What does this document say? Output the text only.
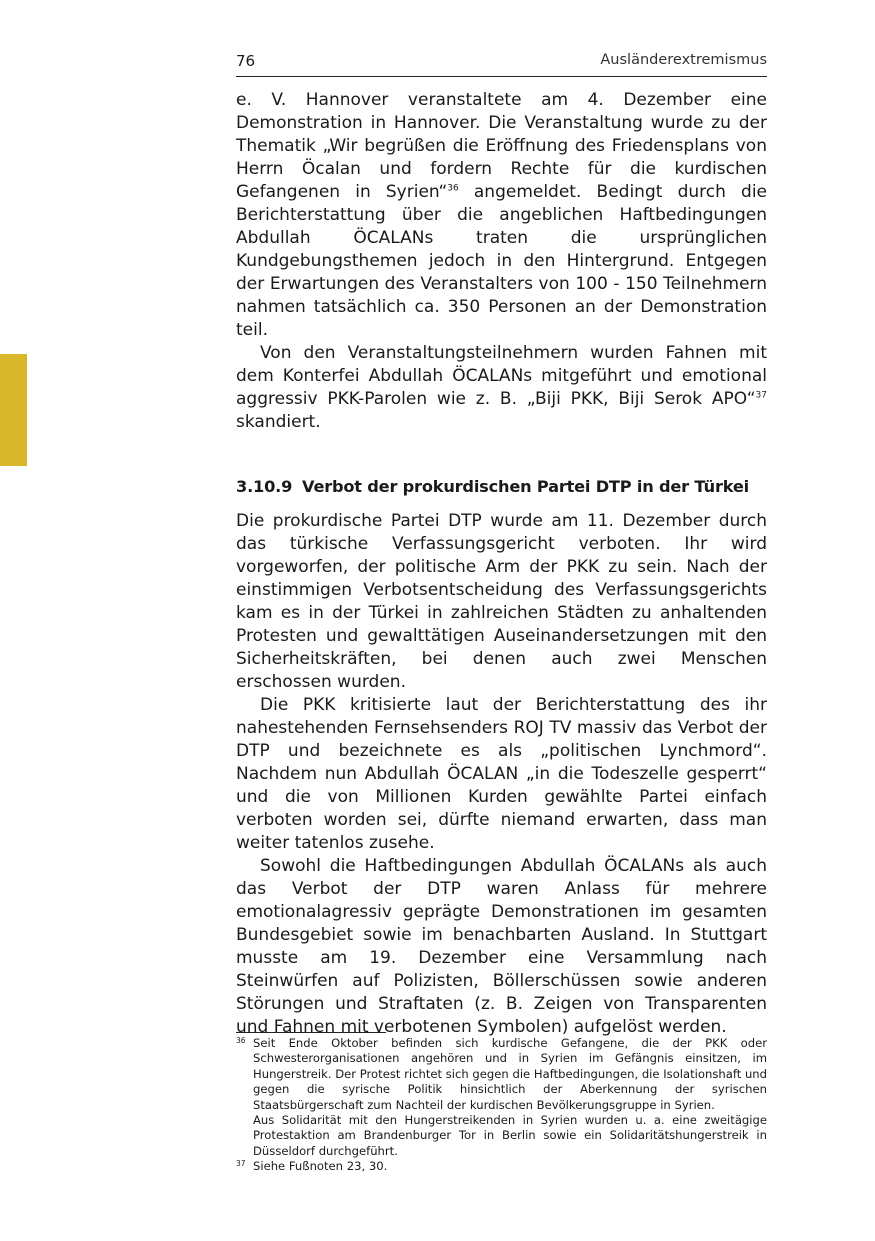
76	Ausländerextremismus

e. V. Hannover veranstaltete am 4. Dezember eine Demonstration in Hannover. Die Veranstaltung wurde zu der Thematik „Wir begrüßen die Eröffnung des Friedensplans von Herrn Öcalan und fordern Rechte für die kurdischen Gefangenen in Syrien“$^{36}$ angemeldet. Bedingt durch die Berichterstattung über die angeblichen Haftbedingungen Abdullah ÖCALANs traten die ursprünglichen Kundgebungsthemen jedoch in den Hintergrund. Entgegen der Erwartungen des Veranstalters von 100 - 150 Teilnehmern nahmen tatsächlich ca. 350 Personen an der Demonstration teil.

Von den Veranstaltungsteilnehmern wurden Fahnen mit dem Konterfei Abdullah ÖCALANs mitgeführt und emotional aggressiv PKK-Parolen wie z. B. „Biji PKK, Biji Serok APO“$^{37}$ skandiert.

3.10.9 Verbot der prokurdischen Partei DTP in der Türkei

Die prokurdische Partei DTP wurde am 11. Dezember durch das türkische Verfassungsgericht verboten. Ihr wird vorgeworfen, der politische Arm der PKK zu sein. Nach der einstimmigen Verbotsentscheidung des Verfassungsgerichts kam es in der Türkei in zahlreichen Städten zu anhaltenden Protesten und gewalttätigen Auseinandersetzungen mit den Sicherheitskräften, bei denen auch zwei Menschen erschossen wurden.

Die PKK kritisierte laut der Berichterstattung des ihr nahestehenden Fernsehsenders ROJ TV massiv das Verbot der DTP und bezeichnete es als „politischen Lynchmord“. Nachdem nun Abdullah ÖCALAN „in die Todeszelle gesperrt“ und die von Millionen Kurden gewählte Partei einfach verboten worden sei, dürfte niemand erwarten, dass man weiter tatenlos zusehe.

Sowohl die Haftbedingungen Abdullah ÖCALANs als auch das Verbot der DTP waren Anlass für mehrere emotionalagressiv geprägte Demonstrationen im gesamten Bundesgebiet sowie im benachbarten Ausland. In Stuttgart musste am 19. Dezember eine Versammlung nach Steinwürfen auf Polizisten, Böllerschüssen sowie anderen Störungen und Straftaten (z. B. Zeigen von Transparenten und Fahnen mit verbotenen Symbolen) aufgelöst werden.

36 Seit Ende Oktober befinden sich kurdische Gefangene, die der PKK oder Schwesterorganisationen angehören und in Syrien im Gefängnis einsitzen, im Hungerstreik. Der Protest richtet sich gegen die Haftbedingungen, die Isolationshaft und gegen die syrische Politik hinsichtlich der Aberkennung der syrischen Staatsbürgerschaft zum Nachteil der kurdischen Bevölkerungsgruppe in Syrien.

Aus Solidarität mit den Hungerstreikenden in Syrien wurden u. a. eine zweitägige Protestaktion am Brandenburger Tor in Berlin sowie ein Solidaritätshungerstreik in Düsseldorf durchgeführt.

37 Siehe Fußnoten 23, 30.
